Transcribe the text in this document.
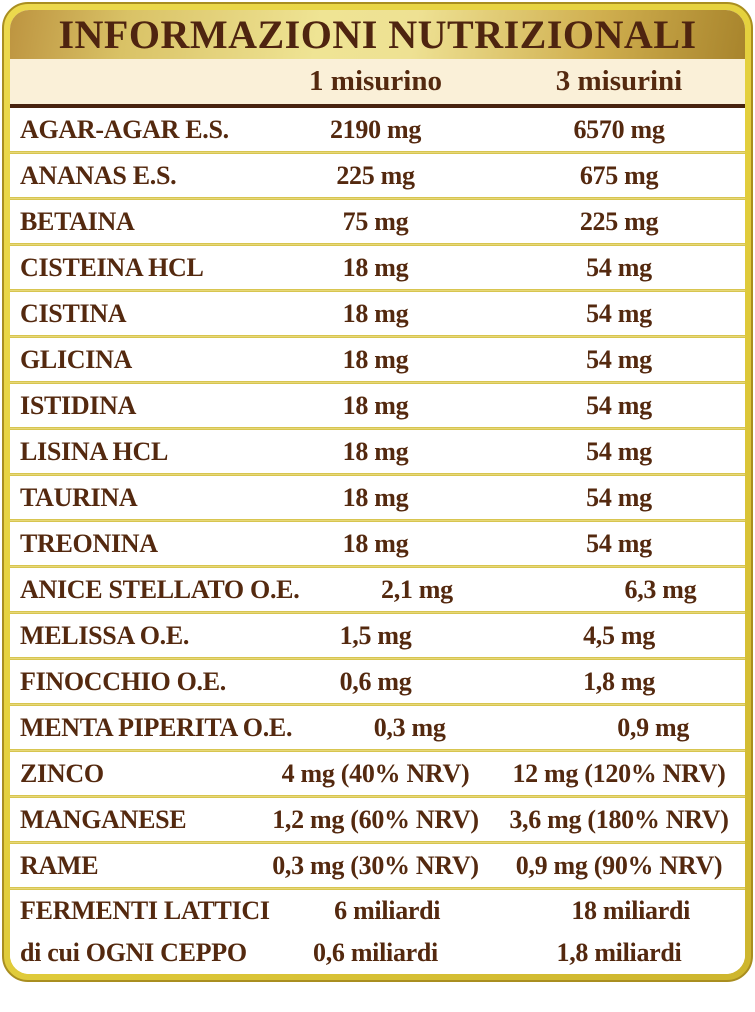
INFORMAZIONI NUTRIZIONALI
1 misurino	3 misurini
AGAR-AGAR E.S.	2190 mg	6570 mg
ANANAS E.S.	225 mg	675 mg
BETAINA	75 mg	225 mg
CISTEINA HCL	18 mg	54 mg
CISTINA	18 mg	54 mg
GLICINA	18 mg	54 mg
ISTIDINA	18 mg	54 mg
LISINA HCL	18 mg	54 mg
TAURINA	18 mg	54 mg
TREONINA	18 mg	54 mg
ANICE STELLATO O.E.	2,1 mg	6,3 mg
MELISSA O.E.	1,5 mg	4,5 mg
FINOCCHIO O.E.	0,6 mg	1,8 mg
MENTA PIPERITA O.E.	0,3 mg	0,9 mg
ZINCO	4 mg (40% NRV)	12 mg (120% NRV)
MANGANESE	1,2 mg (60% NRV)	3,6 mg (180% NRV)
RAME	0,3 mg (30% NRV)	0,9 mg (90% NRV)
FERMENTI LATTICI	6 miliardi	18 miliardi
di cui OGNI CEPPO	0,6 miliardi	1,8 miliardi
